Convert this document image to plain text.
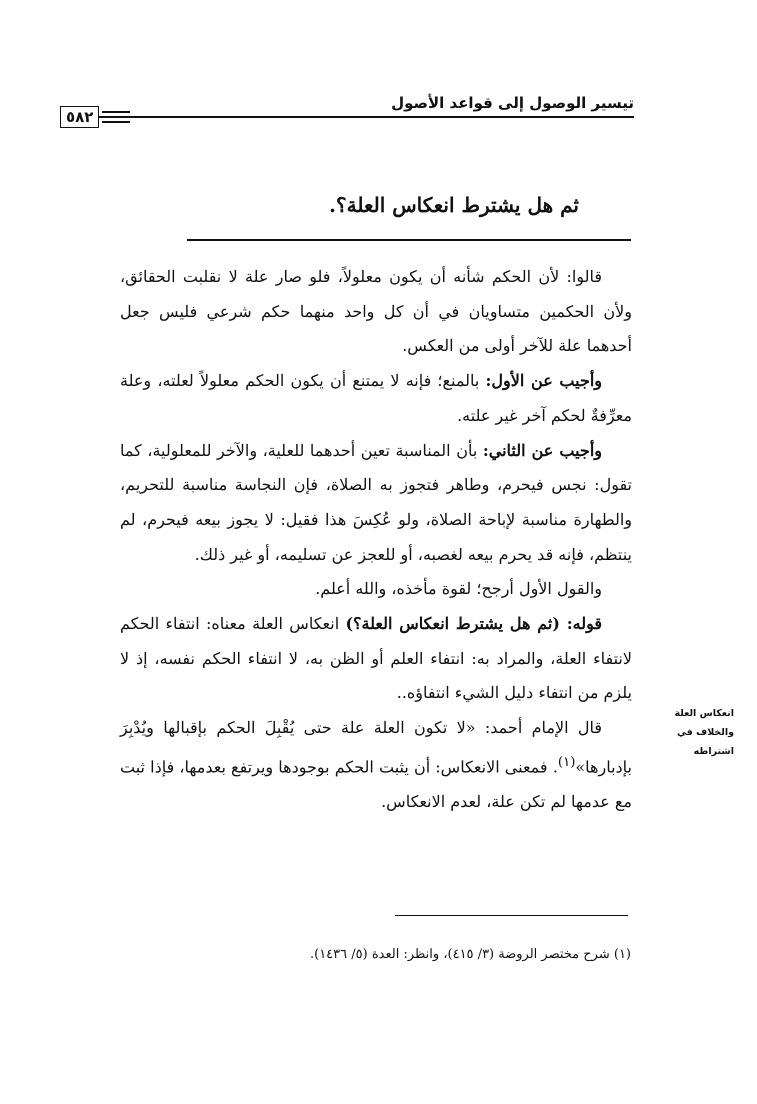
تيسير الوصول إلى قواعد الأصول
٥٨٢
ثم هل يشترط انعكاس العلة؟.

قالوا: لأن الحكم شأنه أن يكون معلولاً، فلو صار علة لا نقلبت الحقائق، ولأن الحكمين متساويان في أن كل واحد منهما حكم شرعي فليس جعل أحدهما علة للآخر أولى من العكس.

وأجيب عن الأول: بالمنع؛ فإنه لا يمتنع أن يكون الحكم معلولاً لعلته، وعلة معرِّفةٌ لحكم آخر غير علته.

وأجيب عن الثاني: بأن المناسبة تعين أحدهما للعلية، والآخر للمعلولية، كما تقول: نجس فيحرم، وطاهر فتجوز به الصلاة، فإن النجاسة مناسبة للتحريم، والطهارة مناسبة لإباحة الصلاة، ولو عُكِسَ هذا فقيل: لا يجوز بيعه فيحرم، لم ينتظم، فإنه قد يحرم بيعه لغصبه، أو للعجز عن تسليمه، أو غير ذلك.

والقول الأول أرجح؛ لقوة مأخذه، والله أعلم.

قوله: (ثم هل يشترط انعكاس العلة؟) انعكاس العلة معناه: انتفاء الحكم لانتفاء العلة، والمراد به: انتفاء العلم أو الظن به، لا انتفاء الحكم نفسه، إذ لا يلزم من انتفاء دليل الشيء انتفاؤه..

قال الإمام أحمد: «لا تكون العلة علة حتى يُقْبِلَ الحكم بإقبالها ويُدْبِرَ بإدبارها»$^{(١)}$. فمعنى الانعكاس: أن يثبت الحكم بوجودها ويرتفع بعدمها، فإذا ثبت مع عدمها لم تكن علة، لعدم الانعكاس.

انعكاس العلة
والخلاف في
اشتراطه
(١) شرح مختصر الروضة (٣/ ٤١٥)، وانظر: العدة (٥/ ١٤٣٦).
